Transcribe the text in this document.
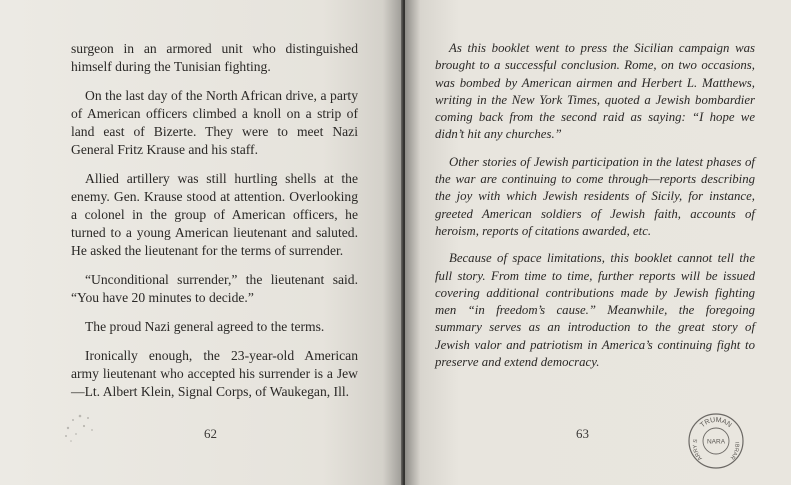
surgeon in an armored unit who distinguished himself during the Tunisian fighting.

On the last day of the North African drive, a party of American officers climbed a knoll on a strip of land east of Bizerte. They were to meet Nazi General Fritz Krause and his staff.

Allied artillery was still hurtling shells at the enemy. Gen. Krause stood at attention. Overlooking a colonel in the group of American officers, he turned to a young American lieutenant and saluted. He asked the lieutenant for the terms of surrender.

“Unconditional surrender,” the lieutenant said. “You have 20 minutes to decide.”

The proud Nazi general agreed to the terms.

Ironically enough, the 23-year-old American army lieutenant who accepted his surrender is a Jew—Lt. Albert Klein, Signal Corps, of Waukegan, Ill.

62

As this booklet went to press the Sicilian campaign was brought to a successful conclusion. Rome, on two occasions, was bombed by American airmen and Herbert L. Matthews, writing in the New York Times, quoted a Jewish bombardier coming back from the second raid as saying: “I hope we didn’t hit any churches.”

Other stories of Jewish participation in the latest phases of the war are continuing to come through—reports describing the joy with which Jewish residents of Sicily, for instance, greeted American soldiers of Jewish faith, accounts of heroism, reports of citations awarded, etc.

Because of space limitations, this booklet cannot tell the full story. From time to time, further reports will be issued covering additional contributions made by Jewish fighting men “in freedom’s cause.” Meanwhile, the foregoing summary serves as an introduction to the great story of Jewish valor and patriotism in America’s continuing fight to preserve and extend democracy.

63
TRUMAN
ARRY S	IBRAR
NARA
